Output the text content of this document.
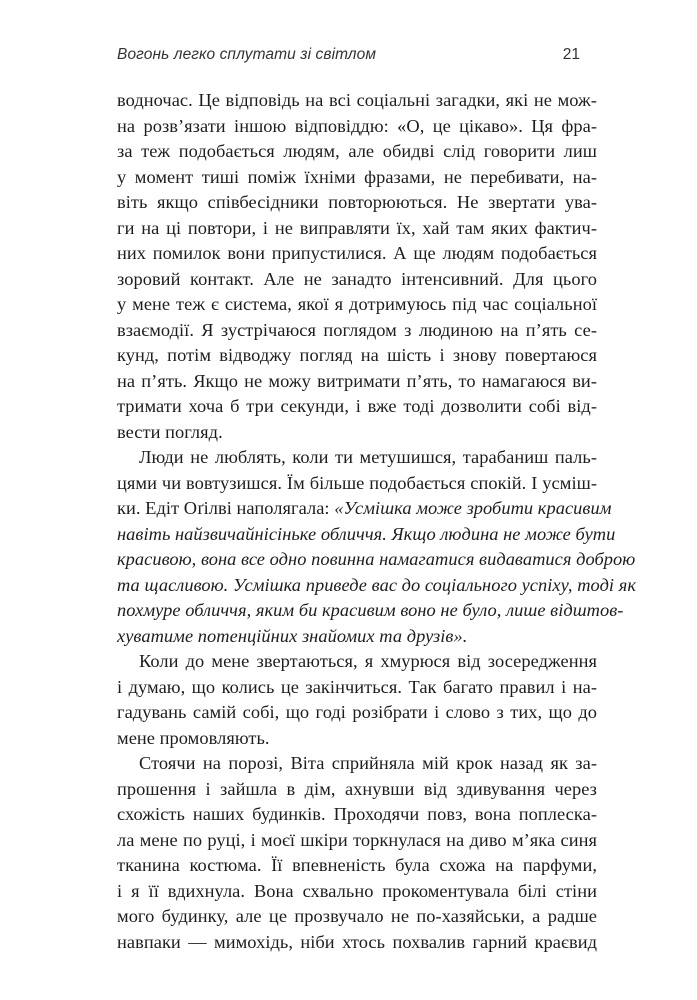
Вогонь легко сплутати зі світлом	21
водночас. Це відповідь на всі соціальні загадки, які не мож-
на розв’язати іншою відповіддю: «О, це цікаво». Ця фра-
за теж подобається людям, але обидві слід говорити лиш
у момент тиші поміж їхніми фразами, не перебивати, на-
віть якщо співбесідники повторюються. Не звертати ува-
ги на ці повтори, і не виправляти їх, хай там яких фактич-
них помилок вони припустилися. А ще людям подобається
зоровий контакт. Але не занадто інтенсивний. Для цього
у мене теж є система, якої я дотримуюсь під час соціальної
взаємодії. Я зустрічаюся поглядом з людиною на п’ять се-
кунд, потім відводжу погляд на шість і знову повертаюся
на п’ять. Якщо не можу витримати п’ять, то намагаюся ви-
тримати хоча б три секунди, і вже тоді дозволити собі від-
вести погляд.
Люди не люблять, коли ти метушишся, тарабаниш паль-
цями чи вовтузишся. Їм більше подобається спокій. І усміш-
ки. Едіт Оґілві наполягала: «Усмішка може зробити красивим
навіть найзвичайнісіньке обличчя. Якщо людина не може бути
красивою, вона все одно повинна намагатися видаватися доброю
та щасливою. Усмішка приведе вас до соціального успіху, тоді як
похмуре обличчя, яким би красивим воно не було, лише відштов-
хуватиме потенційних знайомих та друзів».
Коли до мене звертаються, я хмурюся від зосередження
і думаю, що колись це закінчиться. Так багато правил і на-
гадувань самій собі, що годі розібрати і слово з тих, що до
мене промовляють.
Стоячи на порозі, Віта сприйняла мій крок назад як за-
прошення і зайшла в дім, ахнувши від здивування через
схожість наших будинків. Проходячи повз, вона поплеска-
ла мене по руці, і моєї шкіри торкнулася на диво м’яка синя
тканина костюма. Її впевненість була схожа на парфуми,
і я її вдихнула. Вона схвально прокоментувала білі стіни
мого будинку, але це прозвучало не по-хазяйськи, а радше
навпаки — мимохідь, ніби хтось похвалив гарний краєвид
